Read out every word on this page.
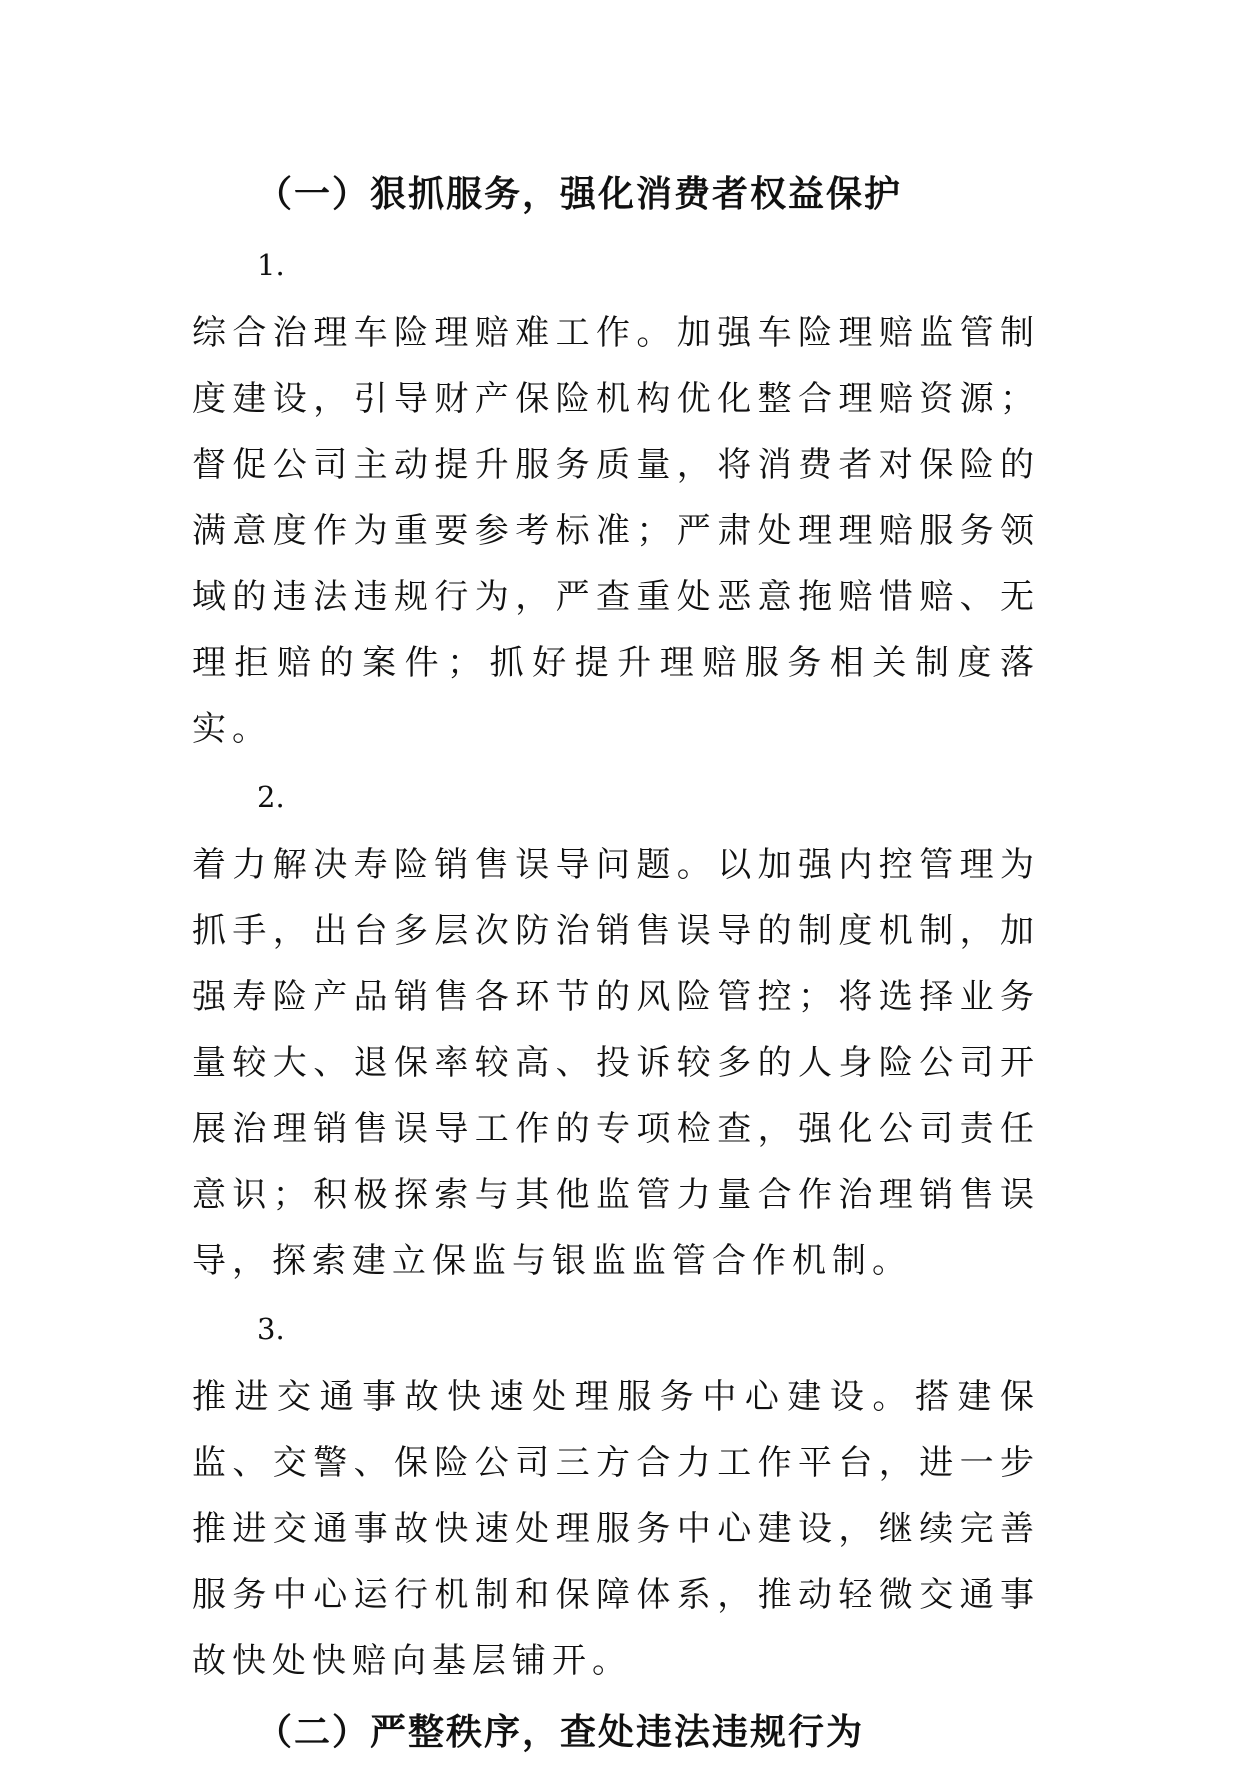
（一）狠抓服务，强化消费者权益保护
1.

综合治理车险理赔难工作。加强车险理赔监管制度建设，引导财产保险机构优化整合理赔资源；督促公司主动提升服务质量，将消费者对保险的满意度作为重要参考标准；严肃处理理赔服务领域的违法违规行为，严查重处恶意拖赔惜赔、无理拒赔的案件；抓好提升理赔服务相关制度落实。

2.

着力解决寿险销售误导问题。以加强内控管理为抓手，出台多层次防治销售误导的制度机制，加强寿险产品销售各环节的风险管控；将选择业务量较大、退保率较高、投诉较多的人身险公司开展治理销售误导工作的专项检查，强化公司责任意识；积极探索与其他监管力量合作治理销售误导，探索建立保监与银监监管合作机制。

3.

推进交通事故快速处理服务中心建设。搭建保监、交警、保险公司三方合力工作平台，进一步推进交通事故快速处理服务中心建设，继续完善服务中心运行机制和保障体系，推动轻微交通事故快处快赔向基层铺开。

（二）严整秩序，查处违法违规行为
